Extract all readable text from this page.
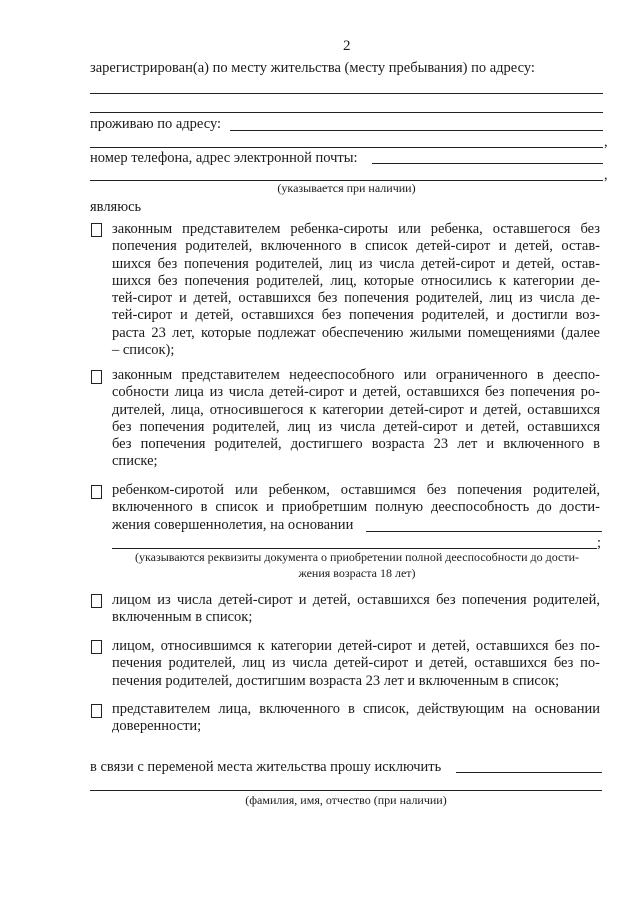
2
зарегистрирован(а) по месту жительства (месту пребывания) по адресу:
проживаю по адресу:
,
номер телефона, адрес электронной почты:
,
(указывается при наличии)
являюсь
законным представителем ребенка-сироты или ребенка, оставшегося без
попечения родителей, включенного в список детей-сирот и детей, остав-
шихся без попечения родителей, лиц из числа детей-сирот и детей, остав-
шихся без попечения родителей, лиц, которые относились к категории де-
тей-сирот и детей, оставшихся без попечения родителей, лиц из числа де-
тей-сирот и детей, оставшихся без попечения родителей, и достигли воз-
раста 23 лет, которые подлежат обеспечению жилыми помещениями (далее
– список);
законным представителем недееспособного или ограниченного в дееспо-
собности лица из числа детей-сирот и детей, оставшихся без попечения ро-
дителей, лица, относившегося к категории детей-сирот и детей, оставшихся
без попечения родителей, лиц из числа детей-сирот и детей, оставшихся
без попечения родителей, достигшего возраста 23 лет и включенного в
списке;
ребенком-сиротой или ребенком, оставшимся без попечения родителей,
включенного в список и приобретшим полную дееспособность до дости-
жения совершеннолетия, на основании
;
(указываются реквизиты документа о приобретении полной дееспособности до дости-
жения возраста 18 лет)
лицом из числа детей-сирот и детей, оставшихся без попечения родителей,
включенным в список;
лицом, относившимся к категории детей-сирот и детей, оставшихся без по-
печения родителей, лиц из числа детей-сирот и детей, оставшихся без по-
печения родителей, достигшим возраста 23 лет и включенным в список;
представителем лица, включенного в список, действующим на основании
доверенности;
в связи с переменой места жительства прошу исключить
(фамилия, имя, отчество (при наличии)
